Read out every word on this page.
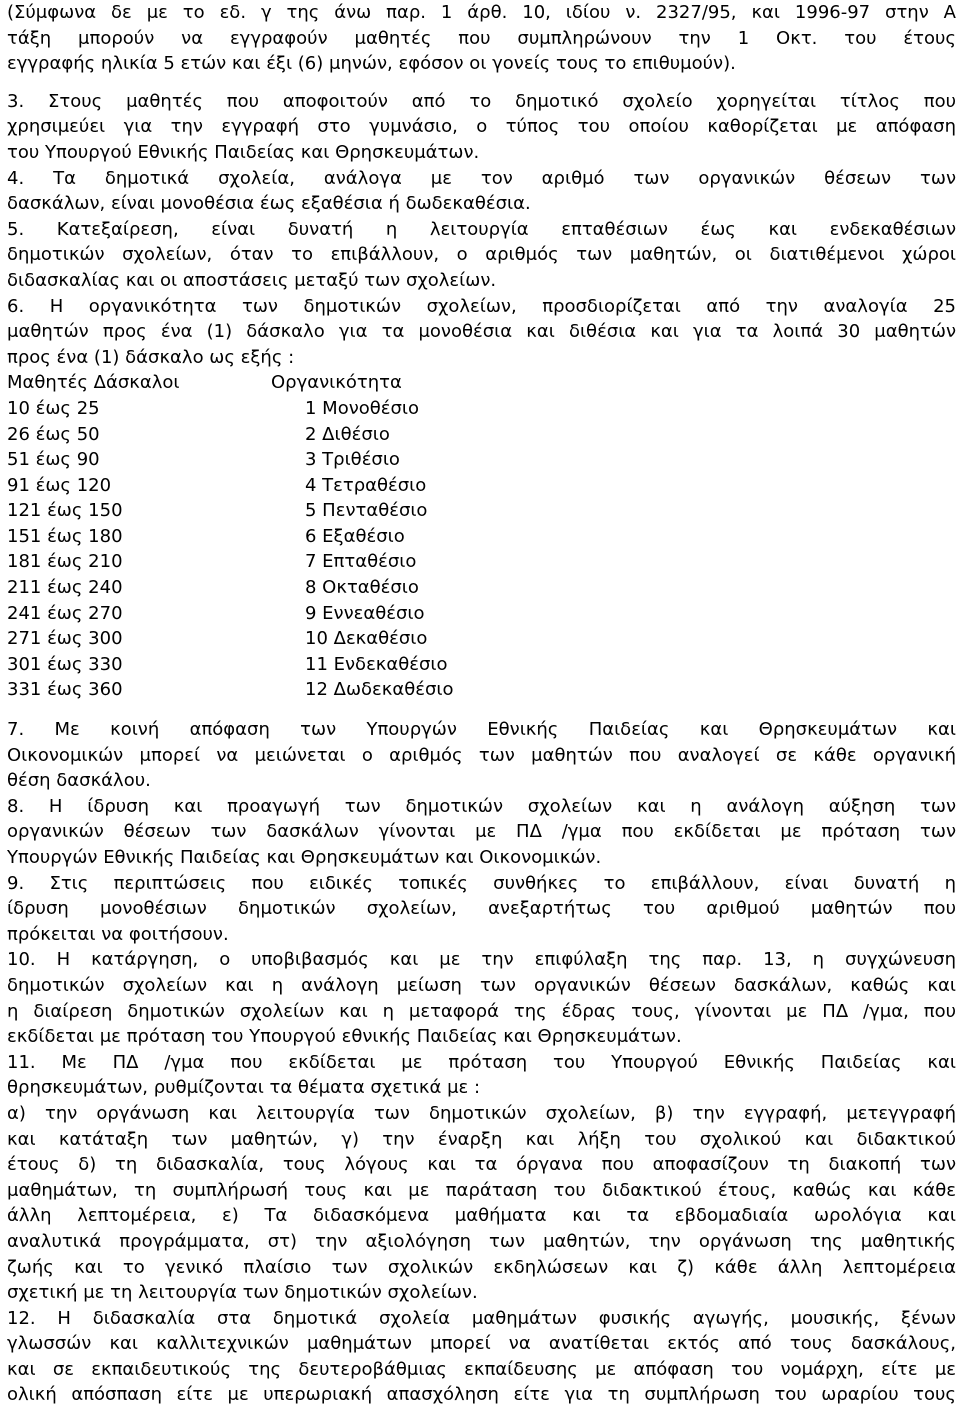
(Σύμφωνα δε με το εδ. γ της άνω παρ. 1 άρθ. 10, ιδίου ν. 2327/95, και 1996-97 στην Α
τάξη μπορούν να εγγραφούν μαθητές που συμπληρώνουν την 1 Οκτ. του έτους
εγγραφής ηλικία 5 ετών και έξι (6) μηνών, εφόσον οι γονείς τους το επιθυμούν).
3. Στους μαθητές που αποφοιτούν από το δημοτικό σχολείο χορηγείται τίτλος που
χρησιμεύει για την εγγραφή στο γυμνάσιο, ο τύπος του οποίου καθορίζεται με απόφαση
του Υπουργού Εθνικής Παιδείας και Θρησκευμάτων.
4. Τα δημοτικά σχολεία, ανάλογα με τον αριθμό των οργανικών θέσεων των
δασκάλων, είναι μονοθέσια έως εξαθέσια ή δωδεκαθέσια.
5. Κατεξαίρεση, είναι δυνατή η λειτουργία επταθέσιων έως και ενδεκαθέσιων
δημοτικών σχολείων, όταν το επιβάλλουν, ο αριθμός των μαθητών, οι διατιθέμενοι χώροι
διδασκαλίας και οι αποστάσεις μεταξύ των σχολείων.
6. Η οργανικότητα των δημοτικών σχολείων, προσδιορίζεται από την αναλογία 25
μαθητών προς ένα (1) δάσκαλο για τα μονοθέσια και διθέσια και για τα λοιπά 30 μαθητών
προς ένα (1) δάσκαλο ως εξής :
Μαθητές Δάσκαλοι	Οργανικότητα
10 έως 25	1 Μονοθέσιο
26 έως 50	2 Διθέσιο
51 έως 90	3 Τριθέσιο
91 έως 120	4 Τετραθέσιο
121 έως 150	5 Πενταθέσιο
151 έως 180	6 Εξαθέσιο
181 έως 210	7 Επταθέσιο
211 έως 240	8 Οκταθέσιο
241 έως 270	9 Εννεαθέσιο
271 έως 300	10 Δεκαθέσιο
301 έως 330	11 Ενδεκαθέσιο
331 έως 360	12 Δωδεκαθέσιο
7. Με κοινή απόφαση των Υπουργών Εθνικής Παιδείας και Θρησκευμάτων και
Οικονομικών μπορεί να μειώνεται ο αριθμός των μαθητών που αναλογεί σε κάθε οργανική
θέση δασκάλου.
8. Η ίδρυση και προαγωγή των δημοτικών σχολείων και η ανάλογη αύξηση των
οργανικών θέσεων των δασκάλων γίνονται με ΠΔ /γμα που εκδίδεται με πρόταση των
Υπουργών Εθνικής Παιδείας και Θρησκευμάτων και Οικονομικών.
9. Στις περιπτώσεις που ειδικές τοπικές συνθήκες το επιβάλλουν, είναι δυνατή η
ίδρυση μονοθέσιων δημοτικών σχολείων, ανεξαρτήτως του αριθμού μαθητών που
πρόκειται να φοιτήσουν.
10. Η κατάργηση, ο υποβιβασμός και με την επιφύλαξη της παρ. 13, η συγχώνευση
δημοτικών σχολείων και η ανάλογη μείωση των οργανικών θέσεων δασκάλων, καθώς και
η διαίρεση δημοτικών σχολείων και η μεταφορά της έδρας τους, γίνονται με ΠΔ /γμα, που
εκδίδεται με πρόταση του Υπουργού εθνικής Παιδείας και Θρησκευμάτων.
11. Με ΠΔ /γμα που εκδίδεται με πρόταση του Υπουργού Εθνικής Παιδείας και
θρησκευμάτων, ρυθμίζονται τα θέματα σχετικά με :
α) την οργάνωση και λειτουργία των δημοτικών σχολείων, β) την εγγραφή, μετεγγραφή
και κατάταξη των μαθητών, γ) την έναρξη και λήξη του σχολικού και διδακτικού
έτους δ) τη διδασκαλία, τους λόγους και τα όργανα που αποφασίζουν τη διακοπή των
μαθημάτων, τη συμπλήρωσή τους και με παράταση του διδακτικού έτους, καθώς και κάθε
άλλη λεπτομέρεια, ε) Τα διδασκόμενα μαθήματα και τα εβδομαδιαία ωρολόγια και
αναλυτικά προγράμματα, στ) την αξιολόγηση των μαθητών, την οργάνωση της μαθητικής
ζωής και το γενικό πλαίσιο των σχολικών εκδηλώσεων και ζ) κάθε άλλη λεπτομέρεια
σχετική με τη λειτουργία των δημοτικών σχολείων.
12. Η διδασκαλία στα δημοτικά σχολεία μαθημάτων φυσικής αγωγής, μουσικής, ξένων
γλωσσών και καλλιτεχνικών μαθημάτων μπορεί να ανατίθεται εκτός από τους δασκάλους,
και σε εκπαιδευτικούς της δευτεροβάθμιας εκπαίδευσης με απόφαση του νομάρχη, είτε με
ολική απόσπαση είτε με υπερωριακή απασχόληση είτε για τη συμπλήρωση του ωραρίου τους
